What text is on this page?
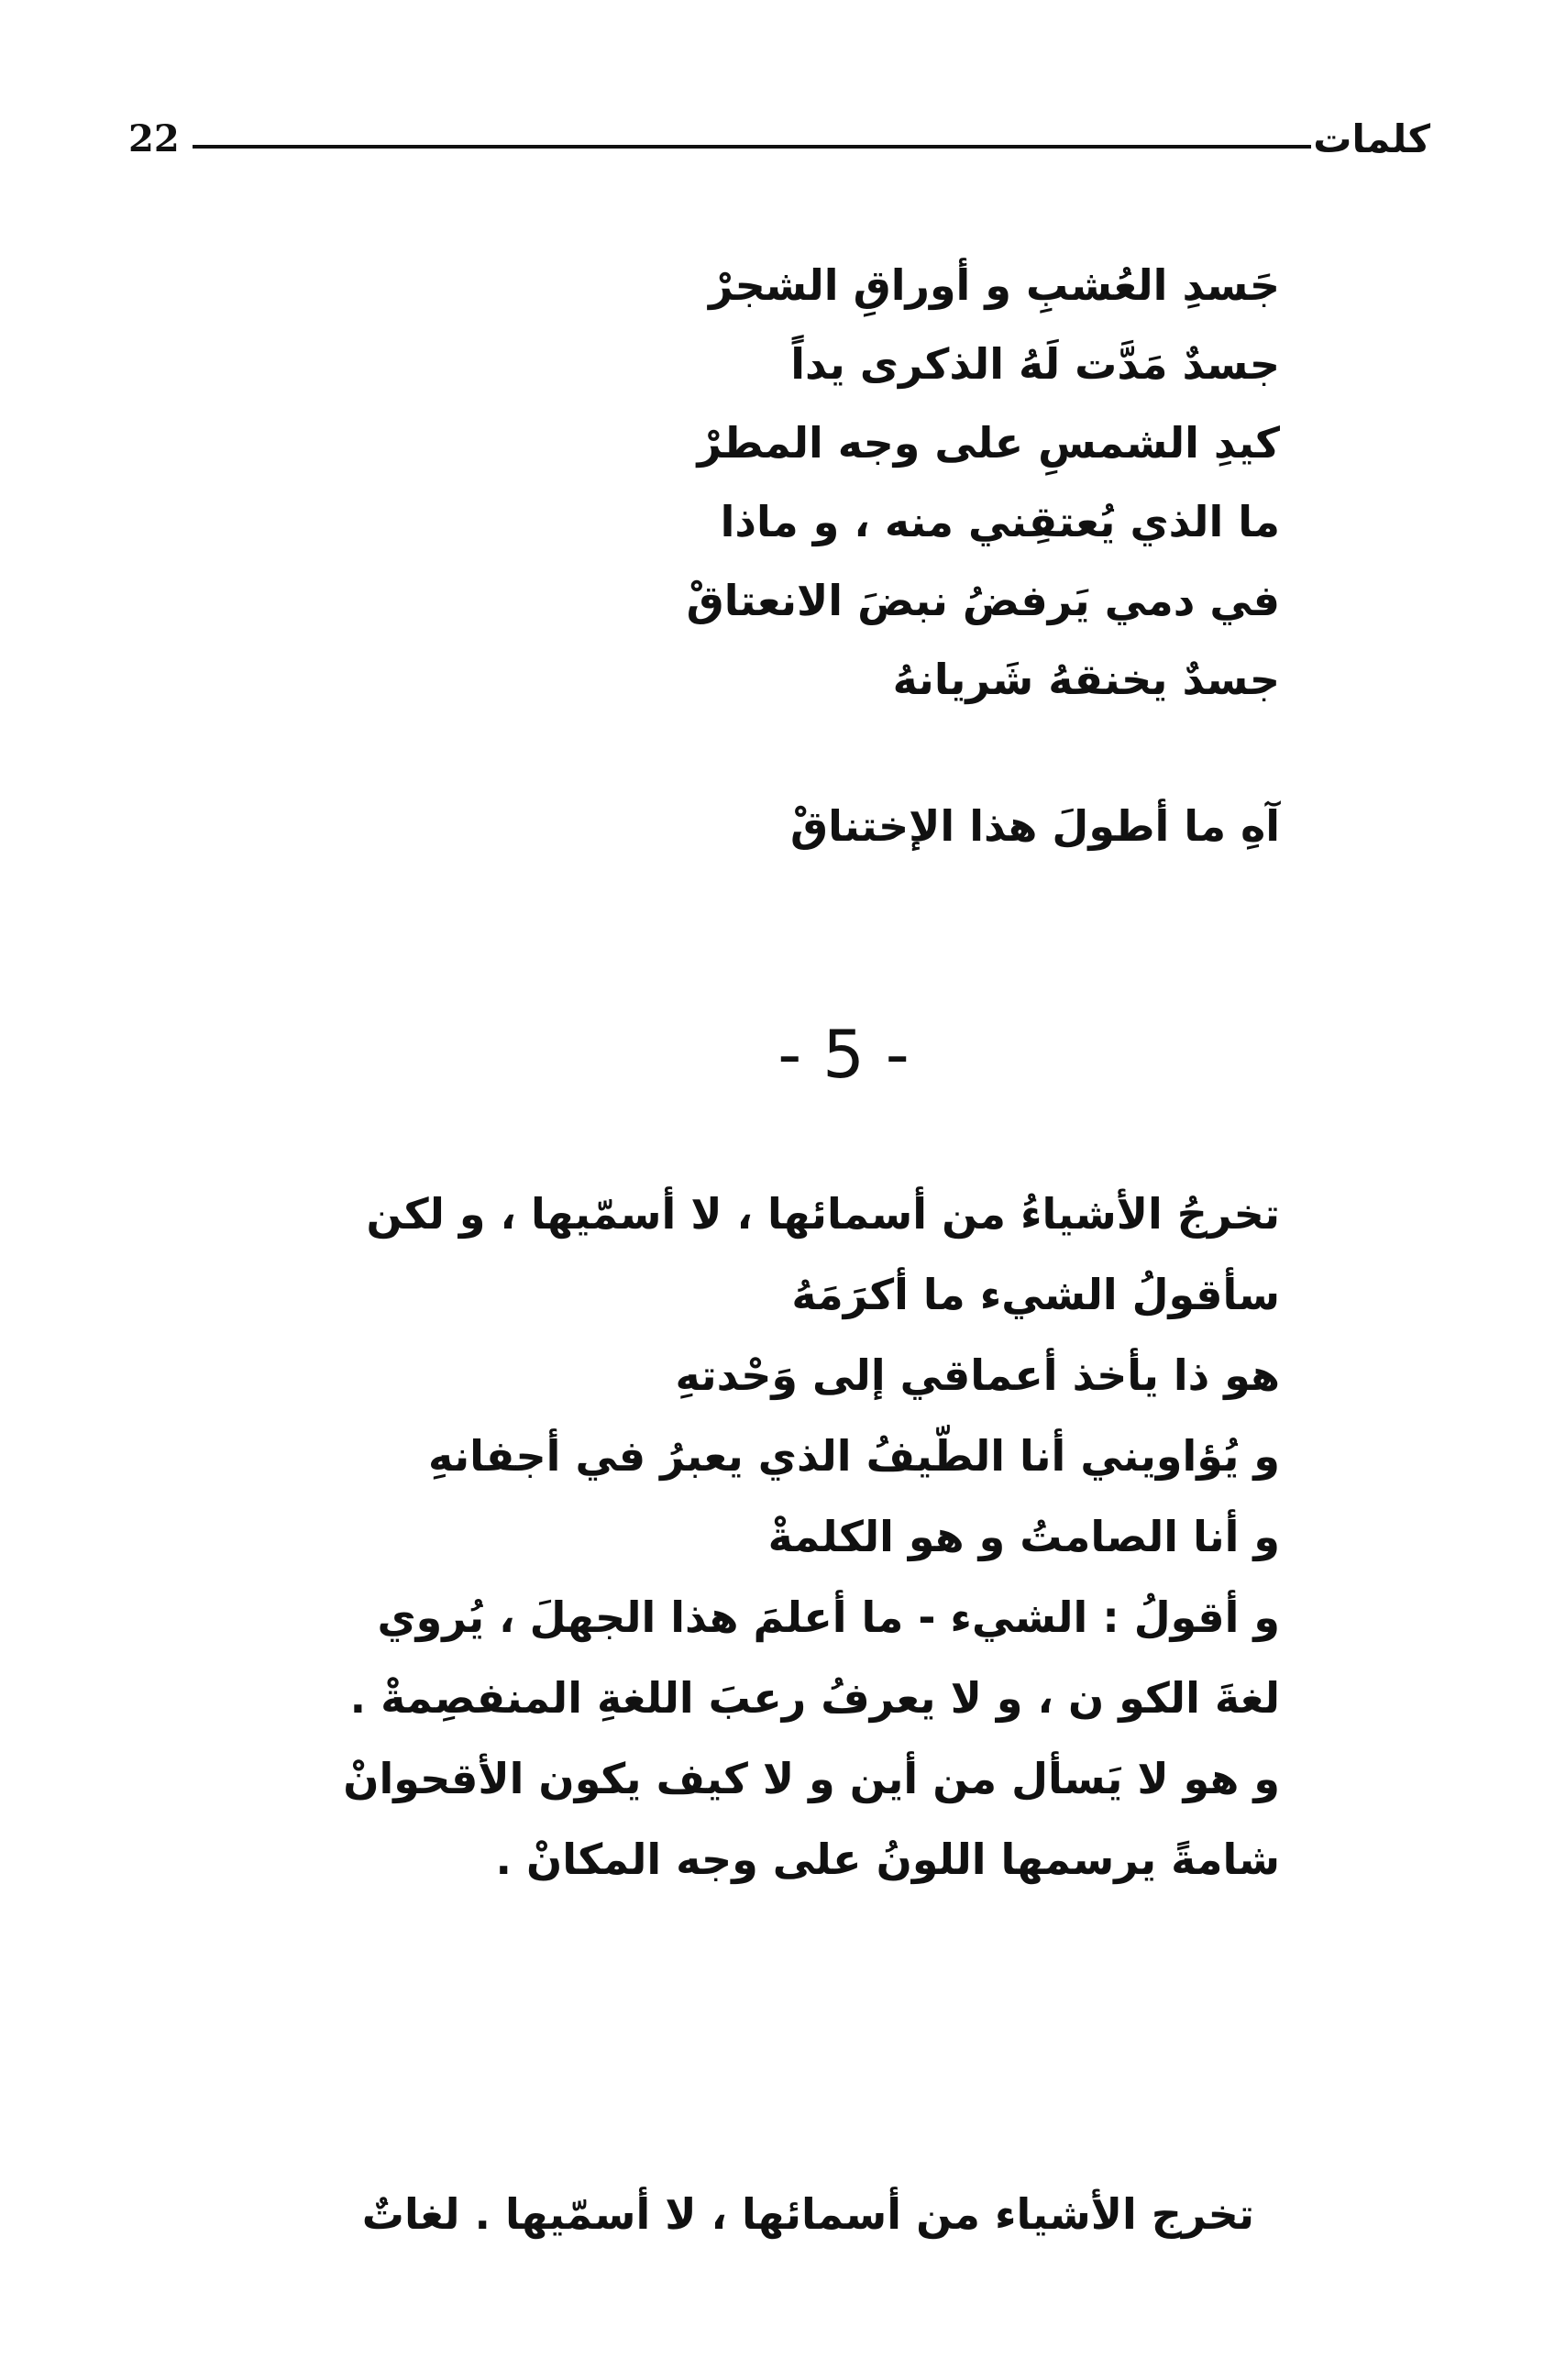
22	كلمات
جَسدِ العُشبِ و أوراقِ الشجرْ
جسدٌ مَدَّت لَهُ الذكرى يداً
كيدِ الشمسِ على وجه المطرْ
ما الذي يُعتقِني منه ، و ماذا
في دمي يَرفضُ نبضَ الانعتاقْ
جسدٌ يخنقهُ شَريانهُ
آهِ ما أطولَ هذا الإختناقْ
- 5 -
تخرجُ الأشياءُ من أسمائها ، لا أسمّيها ، و لكن
سأقولُ الشيء ما أكرَمَهُ
هو ذا يأخذ أعماقي إلى وَحْدتهِ
و يُؤاويني أنا الطّيفُ الذي يعبرُ في أجفانهِ
و أنا الصامتُ و هو الكلمةْ
و أقولُ : الشيء - ما أعلمَ هذا الجهلَ ، يُروي
لغةَ الكو ن ، و لا يعرفُ رعبَ اللغةِ المنفصِمةْ .
و هو لا يَسأل من أين و لا كيف يكون الأقحوانْ
شامةً يرسمها اللونُ على وجه المكانْ .
تخرج الأشياء من أسمائها ، لا أسمّيها . لغاتٌ
